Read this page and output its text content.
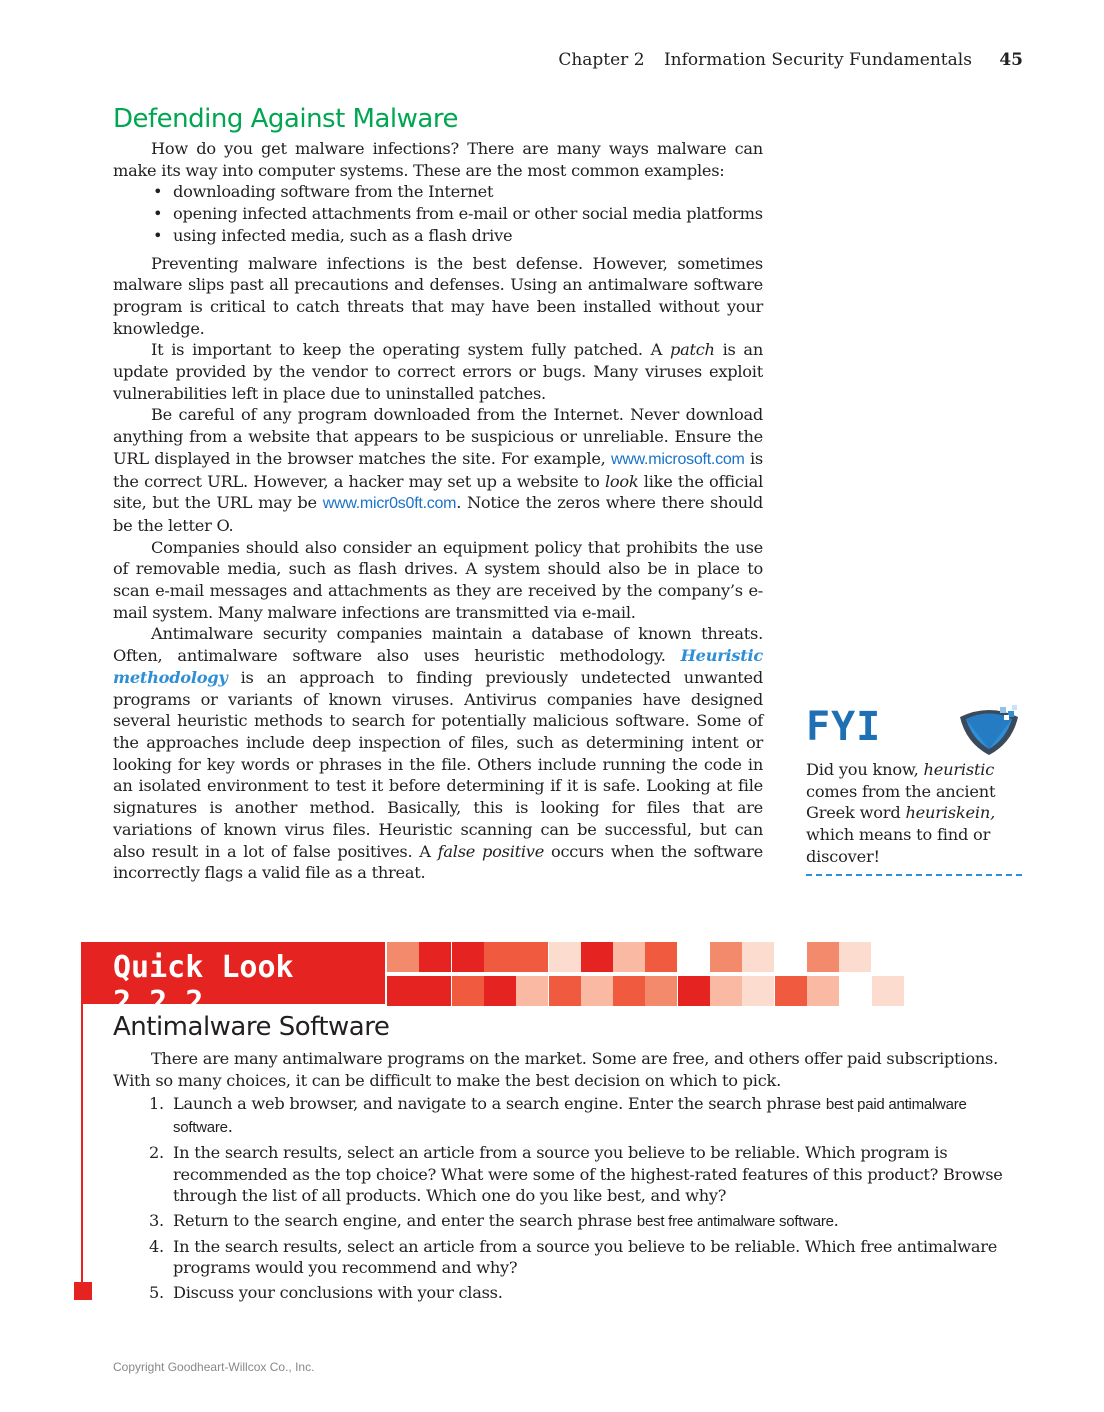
Chapter 2 Information Security Fundamentals 45
Defending Against Malware

How do you get malware infections? There are many ways malware can make its way into computer systems. These are the most common examples:

• downloading software from the Internet
• opening infected attachments from e-mail or other social media platforms
• using infected media, such as a flash drive

Preventing malware infections is the best defense. However, sometimes malware slips past all precautions and defenses. Using an antimalware software program is critical to catch threats that may have been installed without your knowledge.

It is important to keep the operating system fully patched. A patch is an update provided by the vendor to correct errors or bugs. Many viruses exploit vulnerabilities left in place due to uninstalled patches.

Be careful of any program downloaded from the Internet. Never download anything from a website that appears to be suspicious or unreliable. Ensure the URL displayed in the browser matches the site. For example, www.microsoft.com is the correct URL. However, a hacker may set up a website to look like the official site, but the URL may be www.micr0s0ft.com. Notice the zeros where there should be the letter O.

Companies should also consider an equipment policy that prohibits the use of removable media, such as flash drives. A system should also be in place to scan e-mail messages and attachments as they are received by the company’s e-mail system. Many malware infections are transmitted via e-mail.

Antimalware security companies maintain a database of known threats. Often, antimalware software also uses heuristic methodology. Heuristic methodology is an approach to finding previously undetected unwanted programs or variants of known viruses. Antivirus companies have designed several heuristic methods to search for potentially malicious software. Some of the approaches include deep inspection of files, such as determining intent or looking for key words or phrases in the file. Others include running the code in an isolated environment to test it before determining if it is safe. Looking at file signatures is another method. Basically, this is looking for files that are variations of known virus files. Heuristic scanning can be successful, but can also result in a lot of false positives. A false positive occurs when the software incorrectly flags a valid file as a threat.

FYI
Did you know, heuristic comes from the ancient Greek word heuriskein, which means to find or discover!
Quick Look 2.2.2
Antimalware Software

There are many antimalware programs on the market. Some are free, and others offer paid subscriptions. With so many choices, it can be difficult to make the best decision on which to pick.

1. Launch a web browser, and navigate to a search engine. Enter the search phrase best paid antimalware software.
2. In the search results, select an article from a source you believe to be reliable. Which program is recommended as the top choice? What were some of the highest-rated features of this product? Browse through the list of all products. Which one do you like best, and why?
3. Return to the search engine, and enter the search phrase best free antimalware software.
4. In the search results, select an article from a source you believe to be reliable. Which free antimalware programs would you recommend and why?
5. Discuss your conclusions with your class.
Copyright Goodheart-Willcox Co., Inc.
